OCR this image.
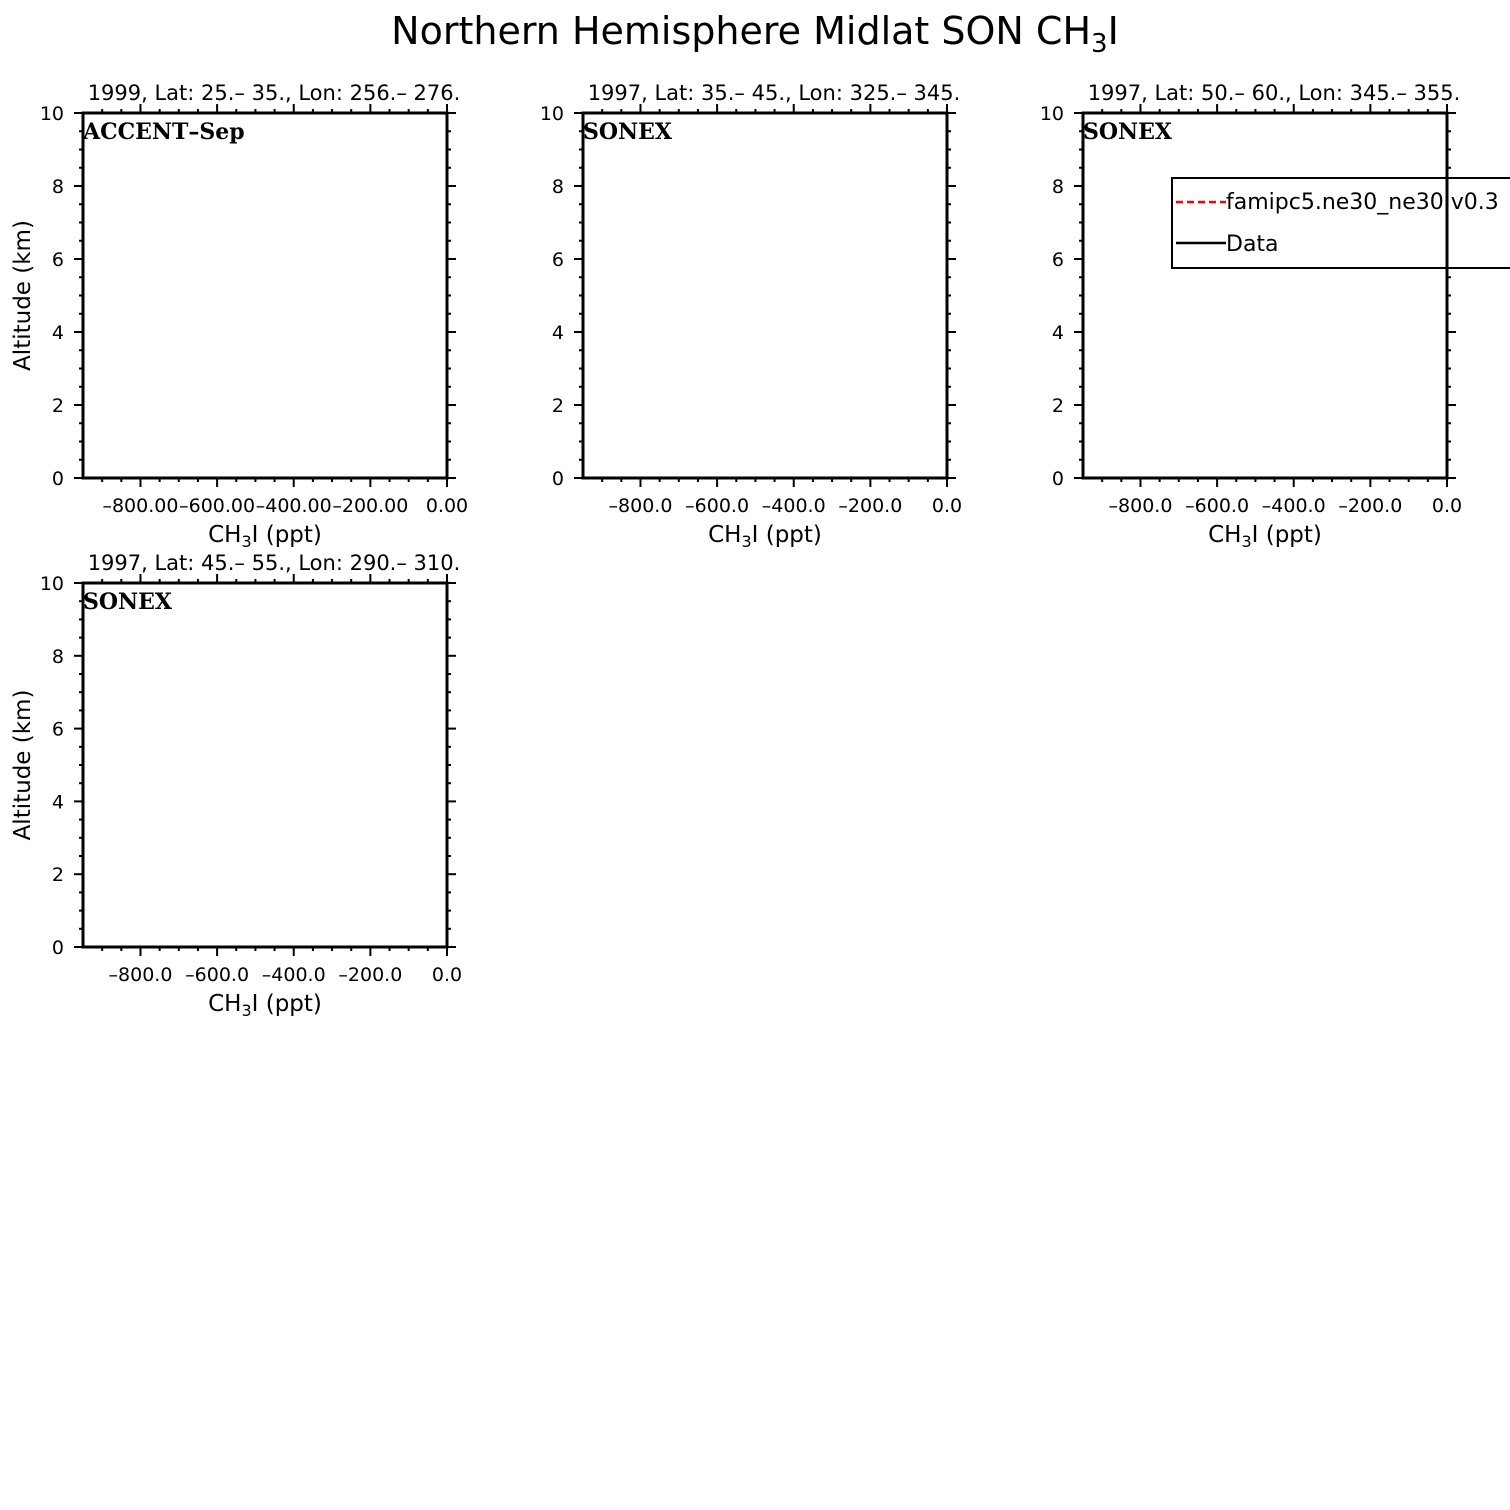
Northern Hemisphere Midlat SON $CH_3I$
1999, Lat: 25.– 35., Lon: 256.– 276.
ACCENT–Sep
0
2
4
6
8
10
–800.00 –600.00 –400.00 –200.00 0.00
$CH_3I$ (ppt)
Altitude (km)
1997, Lat: 35.– 45., Lon: 325.– 345.
SONEX
0
2
4
6
8
10
–800.0 –600.0 –400.0 –200.0 0.0
$CH_3I$ (ppt)
1997, Lat: 50.– 60., Lon: 345.– 355.
SONEX
0
2
4
6
8
10
–800.0 –600.0 –400.0 –200.0 0.0
$CH_3I$ (ppt)
famipc5.ne30_ne30.v0.3
Data
1997, Lat: 45.– 55., Lon: 290.– 310.
SONEX
0
2
4
6
8
10
–800.0 –600.0 –400.0 –200.0 0.0
$CH_3I$ (ppt)
Altitude (km)
